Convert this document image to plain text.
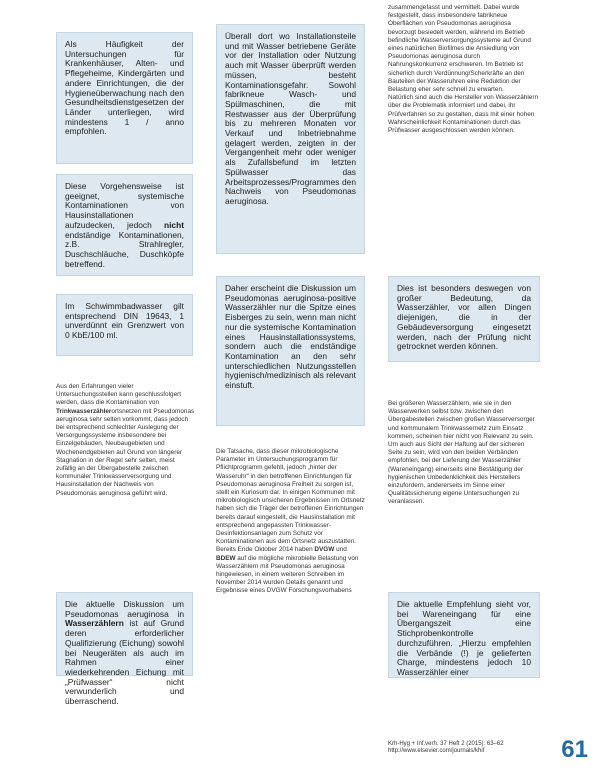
Als Häufigkeit der Untersuchungen für Krankenhäuser, Alten- und Pflegeheime, Kindergärten und andere Einrichtungen, die der Hygieneüberwachung nach den Gesundheitsdienstgesetzen der Länder unterliegen, wird mindestens 1 / anno empfohlen.

Diese Vorgehensweise ist geeignet, systemische Kontaminationen von Hausinstallationen aufzudecken, jedoch nicht endständige Kontaminationen, z.B. Strahlregler, Duschschläuche, Duschköpfe betreffend.

Im Schwimmbadwasser gilt entsprechend DIN 19643, 1 unverdünnt ein Grenzwert von 0 KbE/100 ml.

Aus den Erfahrungen vieler Untersuchungsstellen kann geschlussfolgert werden, dass die Kontamination von Trinkwasserzählerortsnetzen mit Pseudomonas aeruginosa sehr selten vorkommt, dass jedoch bei entsprechend schlechter Auslegung der Versorgungssysteme insbesondere bei Einzelgebäuden, Neubaugebieten und Wochenendgebieten auf Grund von längerer Stagnation in der Regel sehr selten, meist zufällig an der Übergabestelle zwischen kommunaler Trinkwasserversorgung und Hausinstallation der Nachweis von Pseudomonas aeruginosa geführt wird.

Die aktuelle Diskussion um Pseudomonas aeruginosa in Wasserzählern ist auf Grund deren erforderlicher Qualifizierung (Eichung) sowohl bei Neugeräten als auch im Rahmen einer wiederkehrenden Eichung mit „Prüfwasser“ nicht verwunderlich und überraschend.

Überall dort wo Installationsteile und mit Wasser betriebene Geräte vor der Installation oder Nutzung auch mit Wasser überprüft werden müssen, besteht Kontaminationsgefahr. Sowohl fabrikneue Wasch- und Spülmaschinen, die mit Restwasser aus der Überprüfung bis zu mehreren Monaten vor Verkauf und Inbetriebnahme gelagert werden, zeigten in der Vergangenheit mehr oder weniger als Zufallsbefund im letzten Spülwasser das Arbeitsprozesses/Programmes den Nachweis von Pseudomonas aeruginosa.

Daher erscheint die Diskussion um Pseudomonas aeruginosa-positive Wasserzähler nur die Spitze eines Eisberges zu sein, wenn man nicht nur die systemische Kontamination eines Hausinstallationssystems, sondern auch die endständige Kontamination an den sehr unterschiedlichen Nutzungsstellen hygienisch/medizinisch als relevant einstuft.

Die Tatsache, dass dieser mikrobiologische Parameter im Untersuchungsprogramm für Pflichtprogramm gefehlt, jedoch „hinter der Wasseruhr“ in den betroffenen Einrichtungen für Pseudomonas aeruginosa Freiheit zu sorgen ist, stellt ein Kuriosum dar. In einigen Kommunen mit mikrobiologisch unsicheren Ergebnissen im Ortsnetz haben sich die Träger der betroffenen Einrichtungen bereits darauf eingestellt, die Hausinstallation mit entsprechend angepassten Trinkwasser-Desinfektionsanlagen zum Schutz vor Kontaminationen aus dem Ortsnetz auszustatten.

Bereits Ende Oktober 2014 haben DVGW und BDEW auf die mögliche mikrobielle Belastung von Wasserzählern mit Pseudomonas aeruginosa hingewiesen, in einem weiteren Schreiben im November 2014 wurden Details genannt und Ergebnisse eines DVGW Forschungsvorhabens

zusammengefasst und vermittelt. Dabei wurde festgestellt, dass insbesondere fabrikneue Oberflächen von Pseudomonas aeruginosa bevorzugt besiedelt werden, während im Betrieb befindliche Wasserversorgungssysteme auf Grund eines natürlichen Biofilmes die Ansiedlung von Pseudomonas aeruginosa durch Nahrungskonkurrenz erschweren. Im Betrieb ist sicherlich durch Verdünnung/Scherkräfte an den Bauteilen der Wasseruhren eine Reduktion der Belastung eher sehr schnell zu erwarten.

Natürlich sind auch die Hersteller von Wasserzählern über die Problematik informiert und dabei, ihr Prüfverfahren so zu gestalten, dass mit einer hohen Wahrscheinlichkeit Kontaminationen durch das Prüfwasser ausgeschlossen werden können.

Dies ist besonders deswegen von großer Bedeutung, da Wasserzähler, vor allen Dingen diejenigen, die in der Gebäudeversorgung eingesetzt werden, nach der Prüfung nicht getrocknet werden können.

Bei größeren Wasserzählern, wie sie in den Wasserwerken selbst bzw. zwischen den Übergabestellen zwischen großen Wasserversorger und kommunalem Trinkwassernetz zum Einsatz kommen, scheinen hier nicht von Relevanz zu sein.

Um auch aus Sicht der Haftung auf der sicheren Seite zu sein, wird von den beiden Verbänden empfohlen, bei der Lieferung der Wasserzähler (Wareneingang) einerseits eine Bestätigung der hygienischen Unbedenklichkeit des Herstellers einzufordern, andererseits im Sinne einer Qualitätssicherung eigene Untersuchungen zu veranlassen.

Die aktuelle Empfehlung sieht vor, bei Wareneingang für eine Übergangszeit eine Stichprobenkontrolle durchzuführen. „Hierzu empfehlen die Verbände (!) je gelieferten Charge, mindestens jedoch 10 Wasserzähler einer

Krh-Hyg + Inf.verh. 37 Heft 2 (2015): 63–62
http://www.elsevier.com/journals/khif	61
